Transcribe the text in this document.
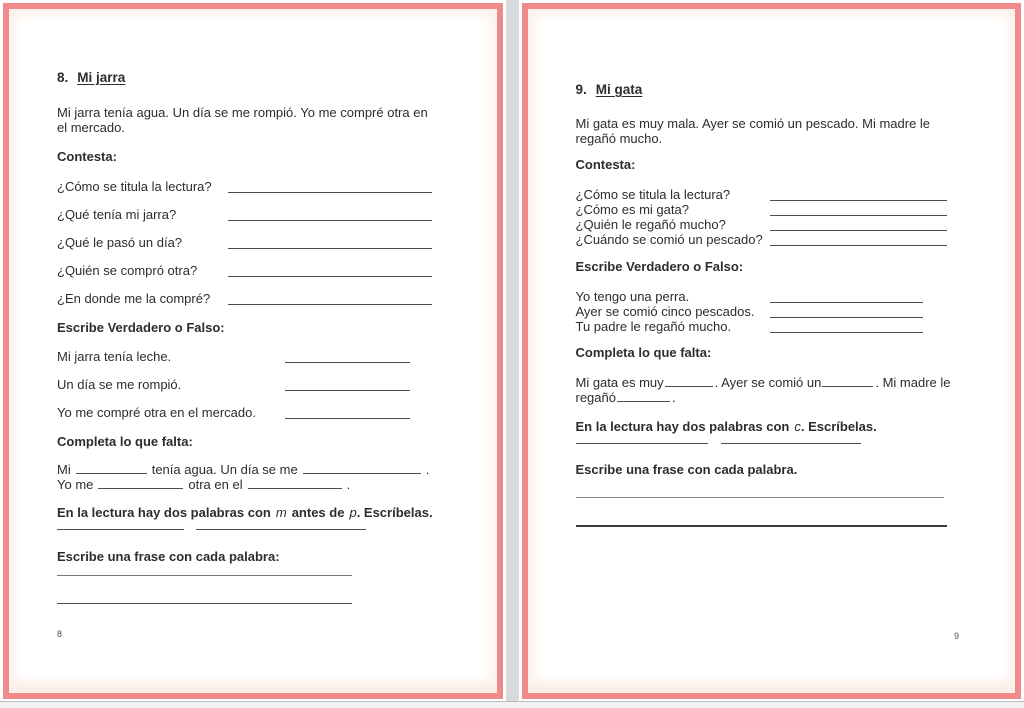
8. Mi jarra

Mi jarra tenía agua. Un día se me rompió. Yo me compré otra en el mercado.

Contesta:
¿Cómo se titula la lectura?
¿Qué tenía mi jarra?
¿Qué le pasó un día?
¿Quién se compró otra?
¿En donde me la compré?
Escribe Verdadero o Falso:
Mi jarra tenía leche.
Un día se me rompió.
Yo me compré otra en el mercado.
Completa lo que falta:
Mi	tenía agua. Un día se me	.
Yo me	otra en el	.
En la lectura hay dos palabras con m antes de p. Escríbelas.
Escribe una frase con cada palabra:
8
9. Mi gata

Mi gata es muy mala. Ayer se comió un pescado. Mi madre le regañó mucho.

Contesta:
¿Cómo se titula la lectura?
¿Cómo es mi gata?
¿Quién le regañó mucho?
¿Cuándo se comió un pescado?
Escribe Verdadero o Falso:
Yo tengo una perra.
Ayer se comió cinco pescados.
Tu padre le regañó mucho.
Completa lo que falta:
Mi gata es muy	. Ayer se comió un	. Mi madre le
regañó	.
En la lectura hay dos palabras con c. Escríbelas.
Escribe una frase con cada palabra.
9
